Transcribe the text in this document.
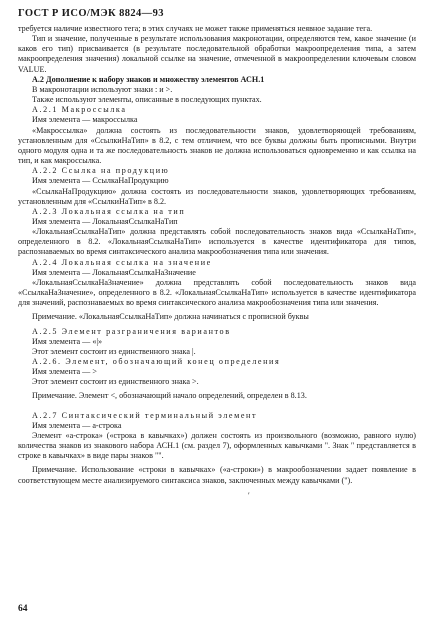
ГОСТ Р ИСО/МЭК 8824—93

требуется наличие известного тега; в этих случаях не может также применяться неявное задание тега.

Тип и значение, полученные в результате использования макронотации, определяются тем, какое значение (и каков его тип) присваивается (в результате последовательной обработки макроопределения типа, а затем макроопределения значения) локальной ссылке на значение, отмеченной в макроопределении ключевым словом VALUE.

A.2 Дополнение к набору знаков и множеству элементов АСН.1

В макронотации используют знаки : и >.

Также используют элементы, описанные в последующих пунктах.

A.2.1 Макроссылка

Имя элемента — макроссылка

«Макроссылка» должна состоять из последовательности знаков, удовлетворяющей требованиям, установленным для «СсылкиНаТип» в 8.2, с тем отличием, что все буквы должны быть прописными. Внутри одного модуля одна и та же последовательность знаков не должна использоваться одновременно и как ссылка на тип, и как макроссылка.

A.2.2 Ссылка на продукцию

Имя элемента — СсылкаНаПродукцию

«СсылкаНаПродукцию» должна состоять из последовательности знаков, удовлетворяющих требованиям, установленным для «СсылкиНаТип» в 8.2.

A.2.3 Локальная ссылка на тип

Имя элемента — ЛокальнаяСсылкаНаТип

«ЛокальнаяСсылкаНаТип» должна представлять собой последовательность знаков вида «СсылкаНаТип», определенного в 8.2. «ЛокальнаяСсылкаНаТип» используется в качестве идентификатора для типов, распознаваемых во время синтаксического анализа макрообозначения типа или значения.

A.2.4 Локальная ссылка на значение

Имя элемента — ЛокальнаяСсылкаНаЗначение

«ЛокальнаяСсылкаНаЗначение» должна представлять собой последовательность знаков вида «СсылкаНаЗначение», определенного в 8.2. «ЛокальнаяСсылкаНаТип» используется в качестве идентификатора для значений, распознаваемых во время синтаксического анализа макрообозначения типа или значения.

Примечание. «ЛокальнаяСсылкаНаТип» должна начинаться с прописной буквы

A.2.5 Элемент разграничения вариантов

Имя элемента — «|»

Этот элемент состоит из единственного знака |.

A.2.6. Элемент, обозначающий конец определения

Имя элемента — >

Этот элемент состоит из единственного знака >.

Примечание. Элемент <, обозначающий начало определений, определен в 8.13.

A.2.7 Синтаксический терминальный элемент

Имя элемента — а-строка

Элемент «а-строка» («строка в кавычках») должен состоять из произвольного (возможно, равного нулю) количества знаков из знакового набора АСН.1 (см. раздел 7), оформленных кавычками ". Знак " представляется в строке в кавычках» в виде пары знаков "".

Примечание. Использование «строки в кавычках» («а-строки») в макрообозначении задает появление в соответствующем месте анализируемого синтаксиса знаков, заключенных между кавычками (").

ʹ
64
